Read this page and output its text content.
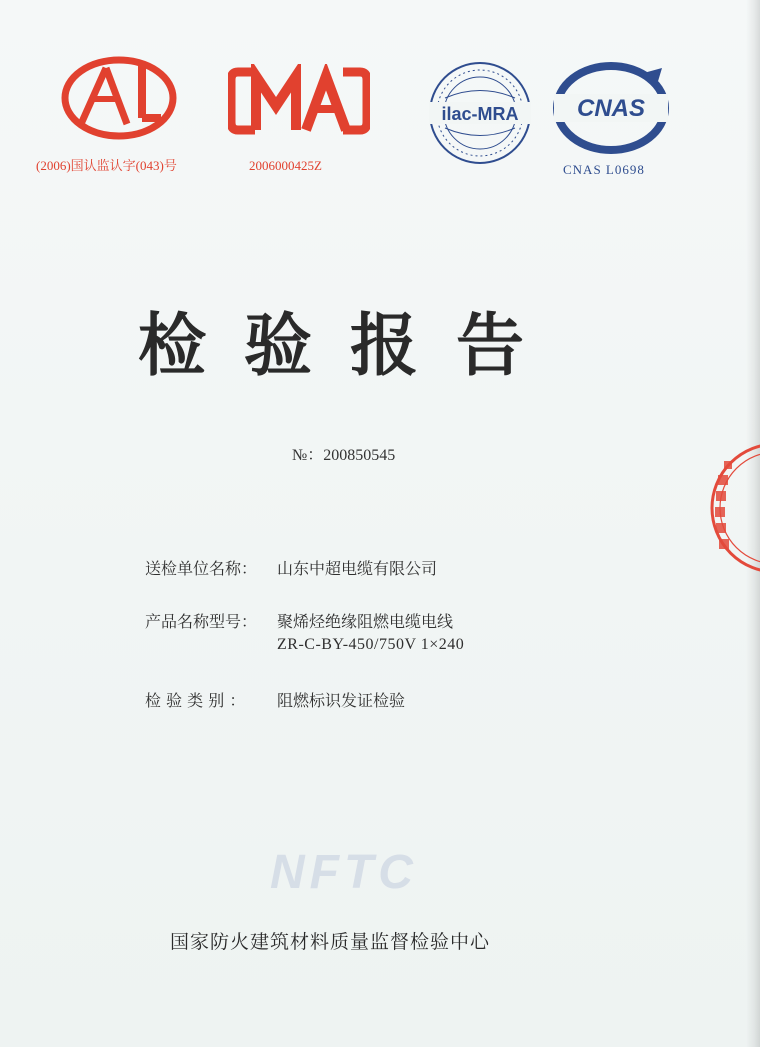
AL
(2006)国认监认字(043)号
MA
2006000425Z
ilac-MRA CNAS
CNAS L0698
检验报告
№：200850545
送检单位名称： 山东中超电缆有限公司
产品名称型号： 聚烯烃绝缘阻燃电缆电线
ZR-C-BY-450/750V 1×240
检 验 类 别 ： 阻燃标识发证检验
NFTC
国家防火建筑材料质量监督检验中心
